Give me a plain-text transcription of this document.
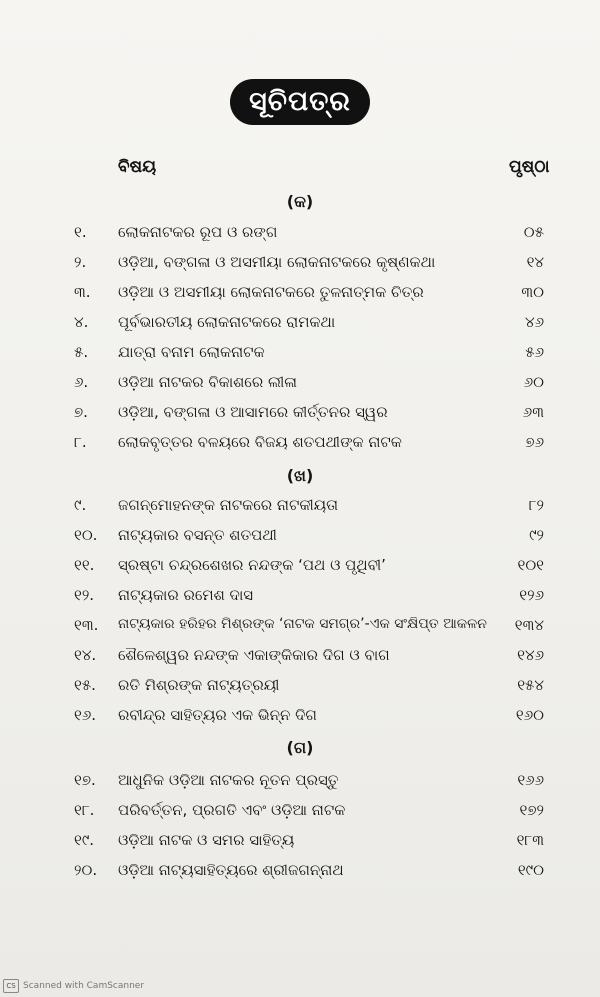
ସୂଚିପତ୍ର
ବିଷୟ	ପୃଷ୍ଠା
(କ)
୧. ଲୋକନାଟକର ରୂପ ଓ ରଙ୍ଗ	୦୫
୨. ଓଡ଼ିଆ, ବଙ୍ଗଳା ଓ ଅସମୀୟା ଲୋକନାଟକରେ କୃଷ୍ଣକଥା	୧୪
୩. ଓଡ଼ିଆ ଓ ଅସମୀୟା ଲୋକନାଟକରେ ତୁଳନାତ୍ମକ ଚିତ୍ର	୩୦
୪. ପୂର୍ବଭାରତୀୟ ଲୋକନାଟକରେ ରାମକଥା	୪୬
୫. ଯାତ୍ରା ବନାମ ଲୋକନାଟକ	୫୬
୬. ଓଡ଼ିଆ ନାଟକର ବିକାଶରେ ଲୀଳା	୬୦
୭. ଓଡ଼ିଆ, ବଙ୍ଗଳା ଓ ଆସାମରେ କୀର୍ତ୍ତନର ସ୍ୱର	୬୩
୮. ଲୋକବୃତ୍ତର ବଳୟରେ ବିଜୟ ଶତପଥୀଙ୍କ ନାଟକ	୭୬
(ଖ)
୯. ଜଗନ୍ମୋହନଙ୍କ ନାଟକରେ ନାଟକୀୟତା	୮୨
୧୦. ନାଟ୍ୟକାର ବସନ୍ତ ଶତପଥୀ	୯୨
୧୧. ସ୍ରଷ୍ଟା ଚନ୍ଦ୍ରଶେଖର ନନ୍ଦଙ୍କ ‘ପଥ ଓ ପୃଥିବୀ’	୧୦୧
୧୨. ନାଟ୍ୟକାର ରମେଶ ଦାସ	୧୨୬
୧୩. ନାଟ୍ୟକାର ହରିହର ମିଶ୍ରଙ୍କ ‘ନାଟକ ସମଗ୍ର’-ଏକ ସଂକ୍ଷିପ୍ତ ଆକଳନ ୧୩୪
୧୪. ଶୈଳେଶ୍ୱର ନନ୍ଦଙ୍କ ଏକାଙ୍କିକାର ଦିଗ ଓ ବାଗ	୧୪୬
୧୫. ରତି ମିଶ୍ରଙ୍କ ନାଟ୍ୟତ୍ରୟୀ	୧୫୪
୧୬. ରବୀନ୍ଦ୍ର ସାହିତ୍ୟର ଏକ ଭିନ୍ନ ଦିଗ	୧୬୦
(ଗ)
୧୭. ଆଧୁନିକ ଓଡ଼ିଆ ନାଟକର ନୂତନ ପ୍ରସ୍ତୁ	୧୬୬
୧୮. ପରିବର୍ତ୍ତନ, ପ୍ରଗତି ଏବଂ ଓଡ଼ିଆ ନାଟକ	୧୭୨
୧୯. ଓଡ଼ିଆ ନାଟକ ଓ ସମର ସାହିତ୍ୟ	୧୮୩
୨୦. ଓଡ଼ିଆ ନାଟ୍ୟସାହିତ୍ୟରେ ଶ୍ରୀଜଗନ୍ନାଥ	୧୯୦
CS Scanned with CamScanner
